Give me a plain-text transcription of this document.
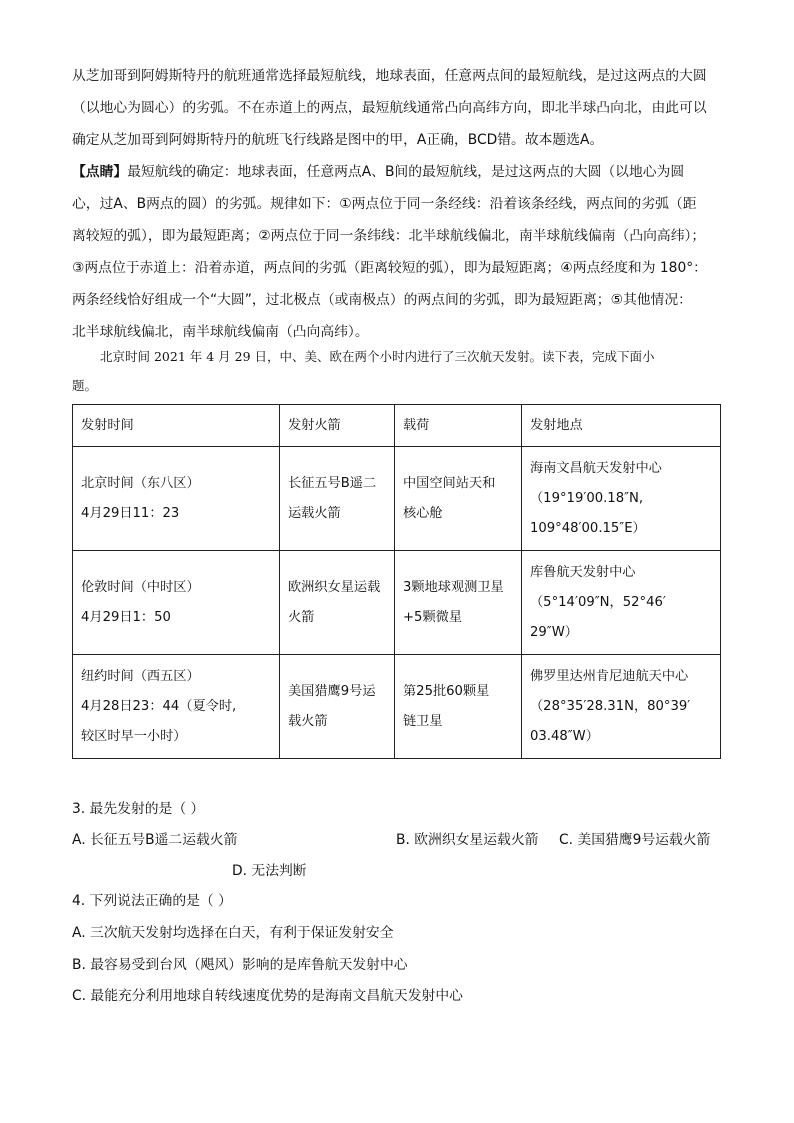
从芝加哥到阿姆斯特丹的航班通常选择最短航线，地球表面，任意两点间的最短航线，是过这两点的大圆

（以地心为圆心）的劣弧。不在赤道上的两点，最短航线通常凸向高纬方向，即北半球凸向北，由此可以

确定从芝加哥到阿姆斯特丹的航班飞行线路是图中的甲，A正确，BCD错。故本题选A。

【点睛】最短航线的确定：地球表面，任意两点A、B间的最短航线，是过这两点的大圆（以地心为圆

心，过A、B两点的圆）的劣弧。规律如下：①两点位于同一条经线：沿着该条经线，两点间的劣弧（距

离较短的弧），即为最短距离；②两点位于同一条纬线：北半球航线偏北，南半球航线偏南（凸向高纬）；

③两点位于赤道上：沿着赤道，两点间的劣弧（距离较短的弧），即为最短距离；④两点经度和为 180°：

两条经线恰好组成一个“大圆”，过北极点（或南极点）的两点间的劣弧，即为最短距离；⑤其他情况：

北半球航线偏北，南半球航线偏南（凸向高纬）。

北京时间 2021 年 4 月 29 日，中、美、欧在两个小时内进行了三次航天发射。读下表，完成下面小

题。

发射时间	发射火箭	载荷	发射地点

北京时间（东八区）
4月29日11：23	长征五号B遥二
运载火箭	中国空间站天和
核心舱	海南文昌航天发射中心
（19°19′00.18″N,
109°48′00.15″E）

伦敦时间（中时区）
4月29日1：50	欧洲织女星运载
火箭	3颗地球观测卫星
+5颗微星	库鲁航天发射中心
（5°14′09″N，52°46′
29″W）

纽约时间（西五区）
4月28日23：44（夏令时,
较区时早一小时）	美国猎鹰9号运
载火箭	第25批60颗星
链卫星	佛罗里达州肯尼迪航天中心
（28°35′28.31N，80°39′
03.48″W）

3. 最先发射的是（ ）

A. 长征五号B遥二运载火箭	B. 欧洲织女星运载火箭 C. 美国猎鹰9号运载火箭

D. 无法判断

4. 下列说法正确的是（ ）

A. 三次航天发射均选择在白天，有利于保证发射安全

B. 最容易受到台风（飓风）影响的是库鲁航天发射中心

C. 最能充分利用地球自转线速度优势的是海南文昌航天发射中心
